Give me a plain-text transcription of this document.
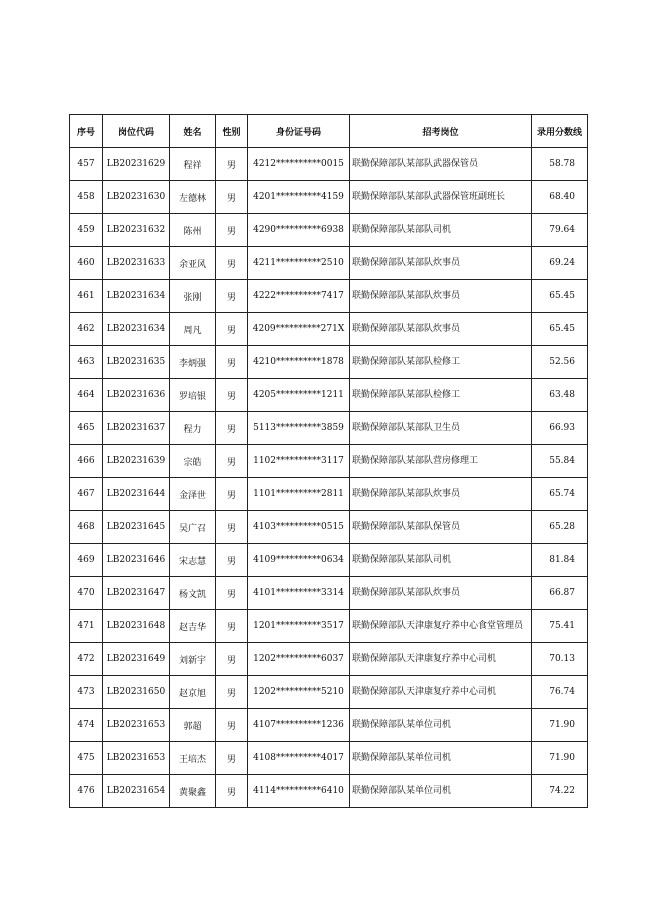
序号	岗位代码	姓名	性别	身份证号码	招考岗位	录用分数线
457	LB20231629	程祥	男	4212**********0015	联勤保障部队某部队武器保管员	58.78
458	LB20231630	左德林	男	4201**********4159	联勤保障部队某部队武器保管班副班长	68.40
459	LB20231632	陈州	男	4290**********6938	联勤保障部队某部队司机	79.64
460	LB20231633	余亚风	男	4211**********2510	联勤保障部队某部队炊事员	69.24
461	LB20231634	张刚	男	4222**********7417	联勤保障部队某部队炊事员	65.45
462	LB20231634	周凡	男	4209**********271X	联勤保障部队某部队炊事员	65.45
463	LB20231635	李炳强	男	4210**********1878	联勤保障部队某部队检修工	52.56
464	LB20231636	罗培银	男	4205**********1211	联勤保障部队某部队检修工	63.48
465	LB20231637	程力	男	5113**********3859	联勤保障部队某部队卫生员	66.93
466	LB20231639	宗皓	男	1102**********3117	联勤保障部队某部队营房修理工	55.84
467	LB20231644	金泽世	男	1101**********2811	联勤保障部队某部队炊事员	65.74
468	LB20231645	吴广召	男	4103**********0515	联勤保障部队某部队保管员	65.28
469	LB20231646	宋志慧	男	4109**********0634	联勤保障部队某部队司机	81.84
470	LB20231647	杨文凯	男	4101**********3314	联勤保障部队某部队炊事员	66.87
471	LB20231648	赵吉华	男	1201**********3517	联勤保障部队天津康复疗养中心食堂管理员	75.41
472	LB20231649	刘新宇	男	1202**********6037	联勤保障部队天津康复疗养中心司机	70.13
473	LB20231650	赵京旭	男	1202**********5210	联勤保障部队天津康复疗养中心司机	76.74
474	LB20231653	郭超	男	4107**********1236	联勤保障部队某单位司机	71.90
475	LB20231653	王培杰	男	4108**********4017	联勤保障部队某单位司机	71.90
476	LB20231654	黄聚鑫	男	4114**********6410	联勤保障部队某单位司机	74.22
